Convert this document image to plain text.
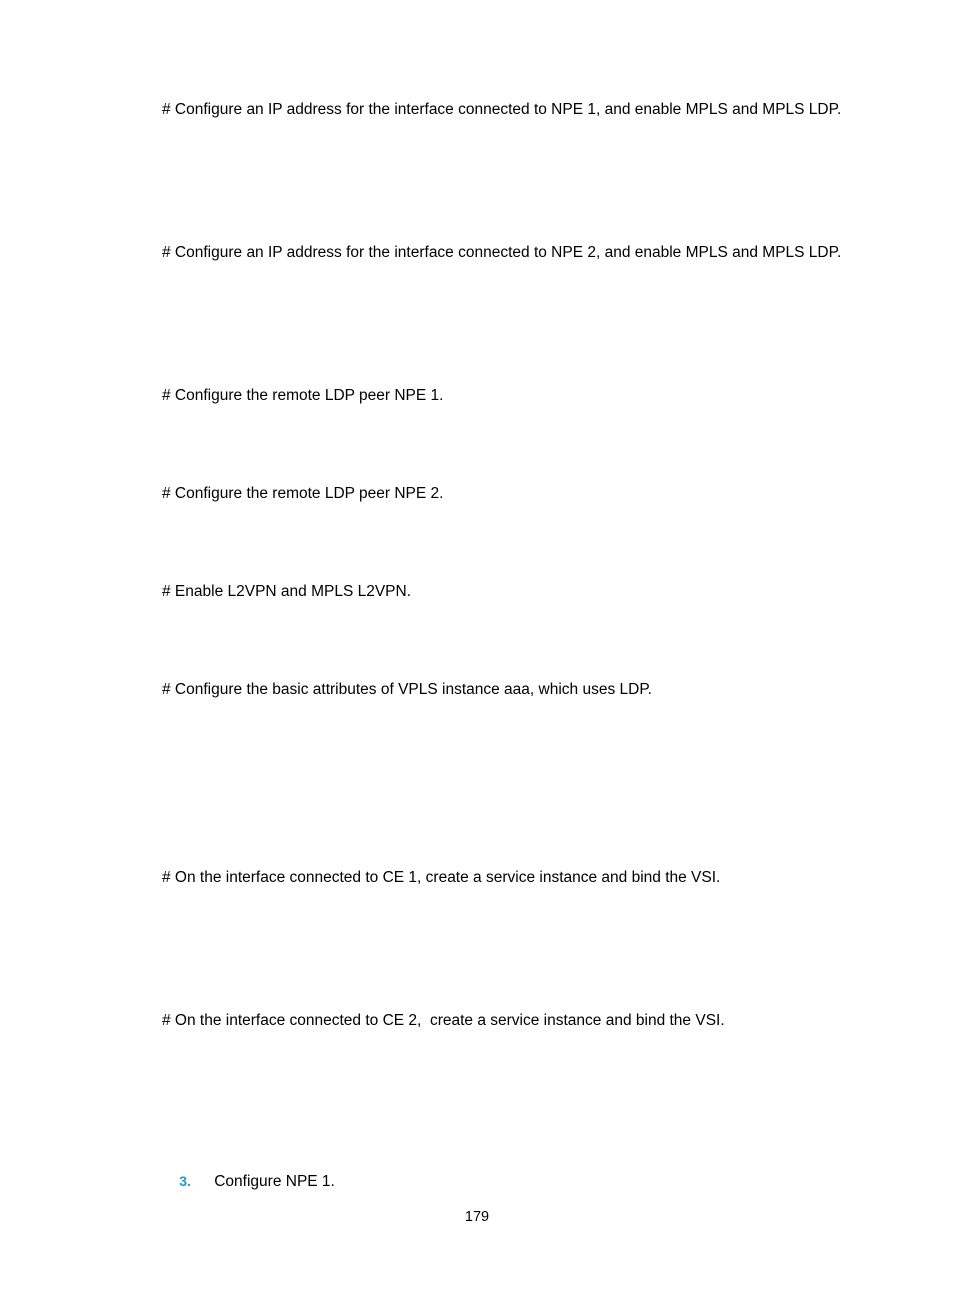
# Configure an IP address for the interface connected to NPE 1, and enable MPLS and MPLS LDP.

# Configure an IP address for the interface connected to NPE 2, and enable MPLS and MPLS LDP.

# Configure the remote LDP peer NPE 1.

# Configure the remote LDP peer NPE 2.

# Enable L2VPN and MPLS L2VPN.

# Configure the basic attributes of VPLS instance aaa, which uses LDP.

# On the interface connected to CE 1, create a service instance and bind the VSI.

# On the interface connected to CE 2,  create a service instance and bind the VSI.

3. Configure NPE 1.

179
